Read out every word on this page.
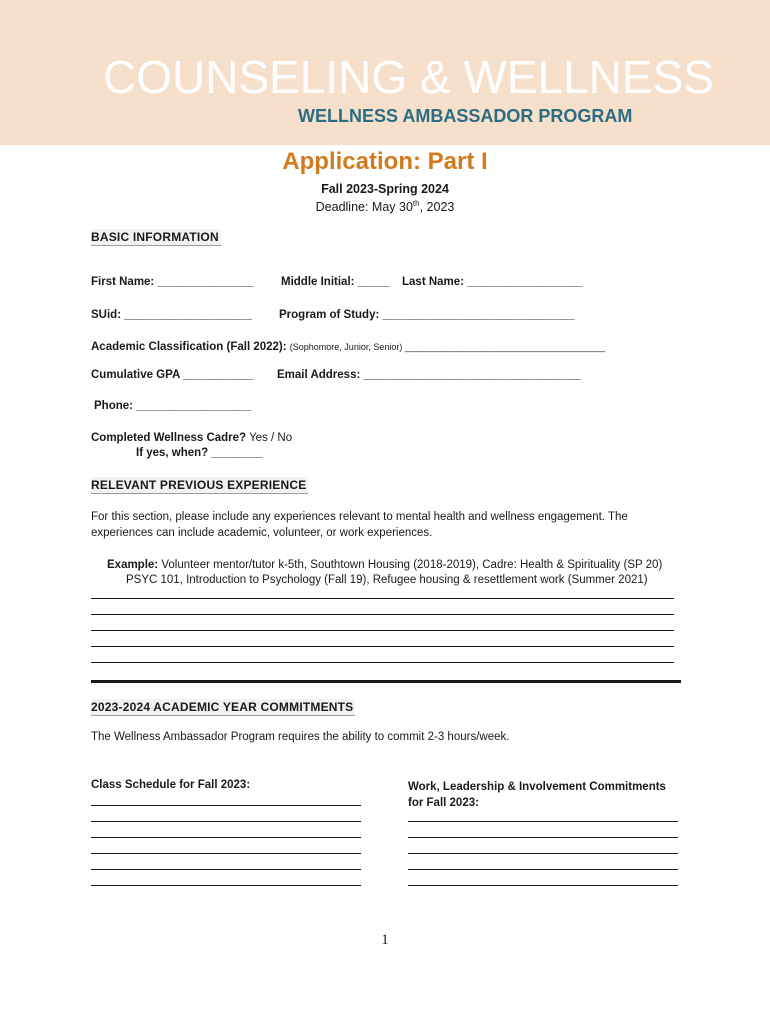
COUNSELING & WELLNESS
WELLNESS AMBASSADOR PROGRAM
Application: Part I
Fall 2023-Spring 2024
Deadline: May 30th, 2023
BASIC INFORMATION
First Name: _______________ Middle Initial: _____ Last Name: __________________
SUid: ____________________ Program of Study: ______________________________
Academic Classification (Fall 2022): (Sophomore, Junior, Senior) ________________________________________
Cumulative GPA ___________ Email Address: __________________________________
Phone: __________________
Completed Wellness Cadre? Yes / No
If yes, when? ________
RELEVANT PREVIOUS EXPERIENCE
For this section, please include any experiences relevant to mental health and wellness engagement. The experiences can include academic, volunteer, or work experiences.
Example: Volunteer mentor/tutor k-5th, Southtown Housing (2018-2019), Cadre: Health & Spirituality (SP 20)
PSYC 101, Introduction to Psychology (Fall 19), Refugee housing & resettlement work (Summer 2021)
2023-2024 ACADEMIC YEAR COMMITMENTS
The Wellness Ambassador Program requires the ability to commit 2-3 hours/week.
Class Schedule for Fall 2023:	Work, Leadership & Involvement Commitments for Fall 2023:
1
